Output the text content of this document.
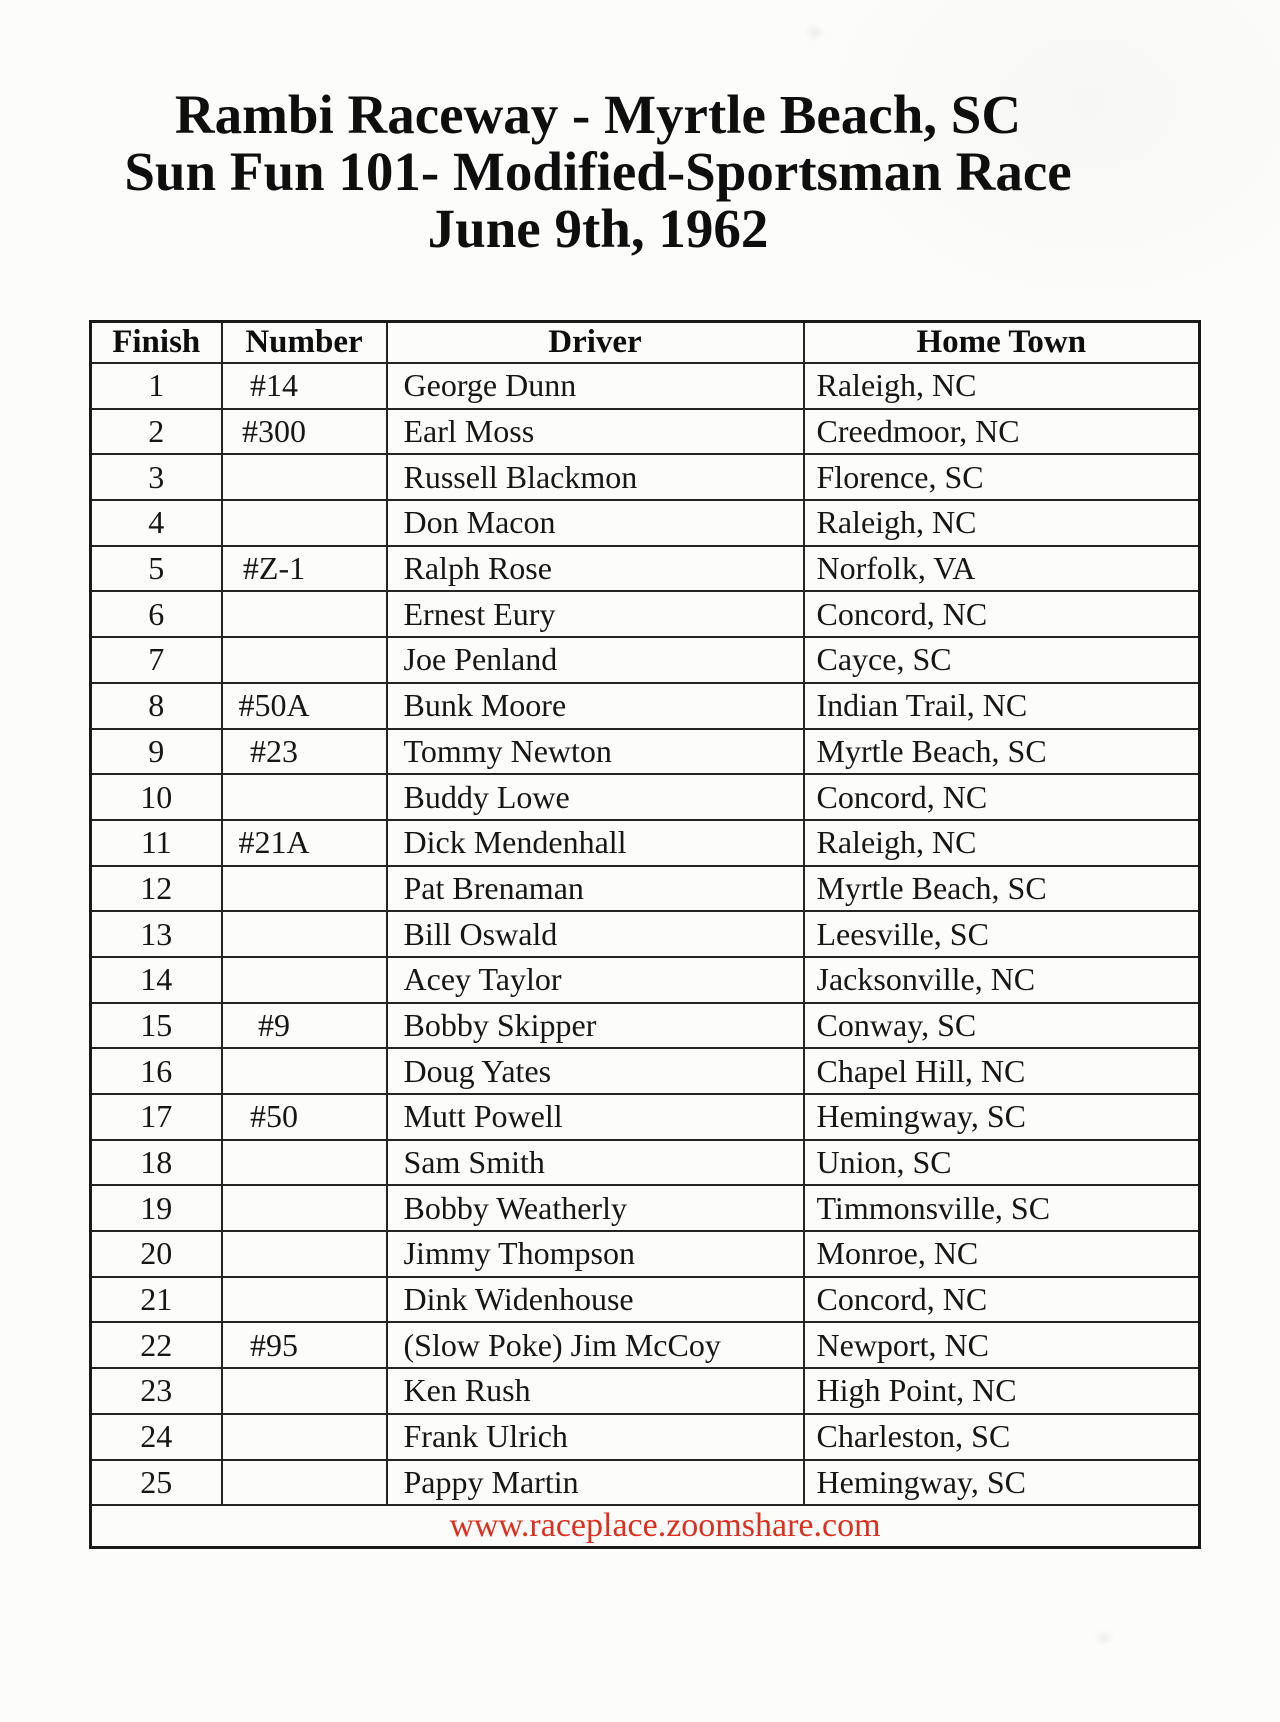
Rambi Raceway - Myrtle Beach, SC
Sun Fun 101- Modified-Sportsman Race
June 9th, 1962
Finish	Number	Driver	Home Town
1	#14	George Dunn	Raleigh, NC
2	#300	Earl Moss	Creedmoor, NC
3		Russell Blackmon	Florence, SC
4		Don Macon	Raleigh, NC
5	#Z-1	Ralph Rose	Norfolk, VA
6		Ernest Eury	Concord, NC
7		Joe Penland	Cayce, SC
8	#50A	Bunk Moore	Indian Trail, NC
9	#23	Tommy Newton	Myrtle Beach, SC
10		Buddy Lowe	Concord, NC
11	#21A	Dick Mendenhall	Raleigh, NC
12		Pat Brenaman	Myrtle Beach, SC
13		Bill Oswald	Leesville, SC
14		Acey Taylor	Jacksonville, NC
15	#9	Bobby Skipper	Conway, SC
16		Doug Yates	Chapel Hill, NC
17	#50	Mutt Powell	Hemingway, SC
18		Sam Smith	Union, SC
19		Bobby Weatherly	Timmonsville, SC
20		Jimmy Thompson	Monroe, NC
21		Dink Widenhouse	Concord, NC
22	#95	(Slow Poke) Jim McCoy	Newport, NC
23		Ken Rush	High Point, NC
24		Frank Ulrich	Charleston, SC
25		Pappy Martin	Hemingway, SC
www.raceplace.zoomshare.com			
